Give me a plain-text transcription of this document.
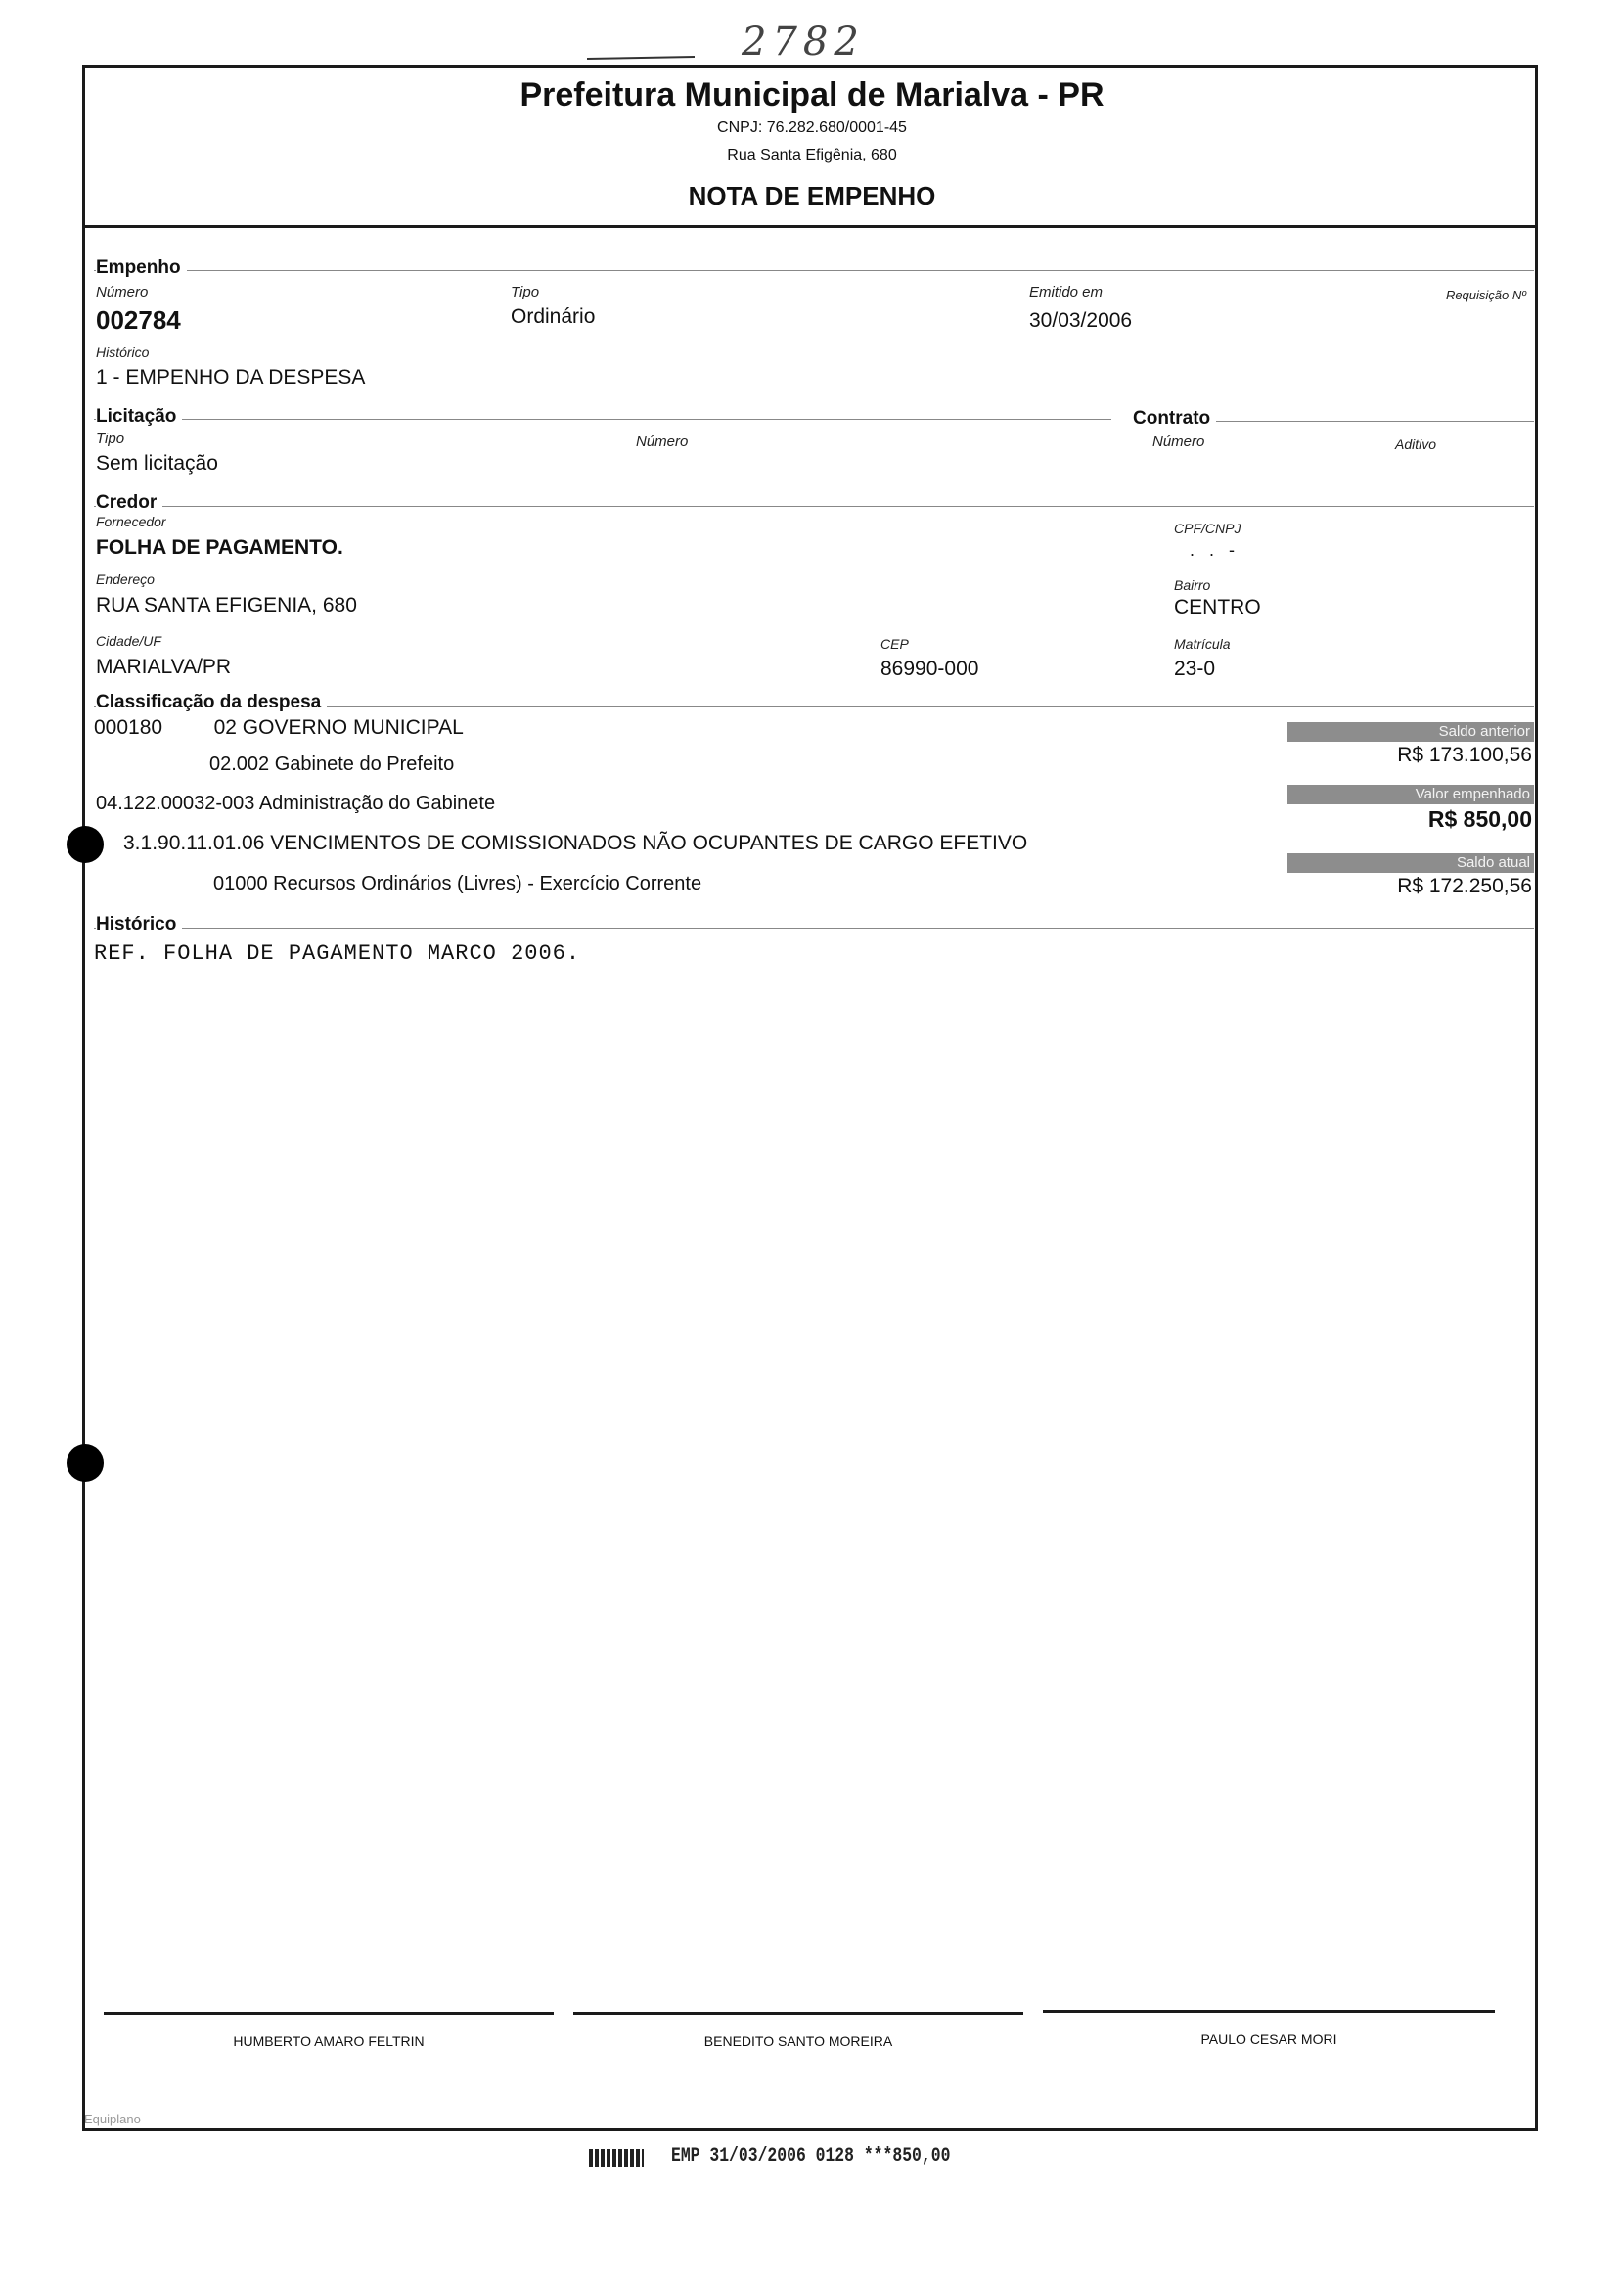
2782
Prefeitura Municipal de Marialva - PR
CNPJ: 76.282.680/0001-45
Rua Santa Efigênia, 680
NOTA DE EMPENHO
Empenho
Número
002784
Tipo
Ordinário
Emitido em
30/03/2006
Requisição Nº
Histórico
1 - EMPENHO DA DESPESA
Licitação	Contrato
Tipo
Sem licitação
Número	Número	Aditivo
Credor
Fornecedor
FOLHA DE PAGAMENTO.
CPF/CNPJ
.   .   -
Endereço
RUA SANTA EFIGENIA, 680
Bairro
CENTRO
Cidade/UF
MARIALVA/PR
CEP
86990-000
Matrícula
23-0
Classificação da despesa
000180         02 GOVERNO MUNICIPAL
02.002 Gabinete do Prefeito
04.122.00032-003 Administração do Gabinete
3.1.90.11.01.06 VENCIMENTOS DE COMISSIONADOS NÃO OCUPANTES DE CARGO EFETIVO
01000 Recursos Ordinários (Livres) - Exercício Corrente
Saldo anterior
R$ 173.100,56
Valor empenhado
R$ 850,00
Saldo atual
R$ 172.250,56
Histórico
REF. FOLHA DE PAGAMENTO MARCO 2006.
HUMBERTO AMARO FELTRIN	BENEDITO SANTO MOREIRA	PAULO CESAR MORI
Equiplano
EMP 31/03/2006 0128 ***850,00
